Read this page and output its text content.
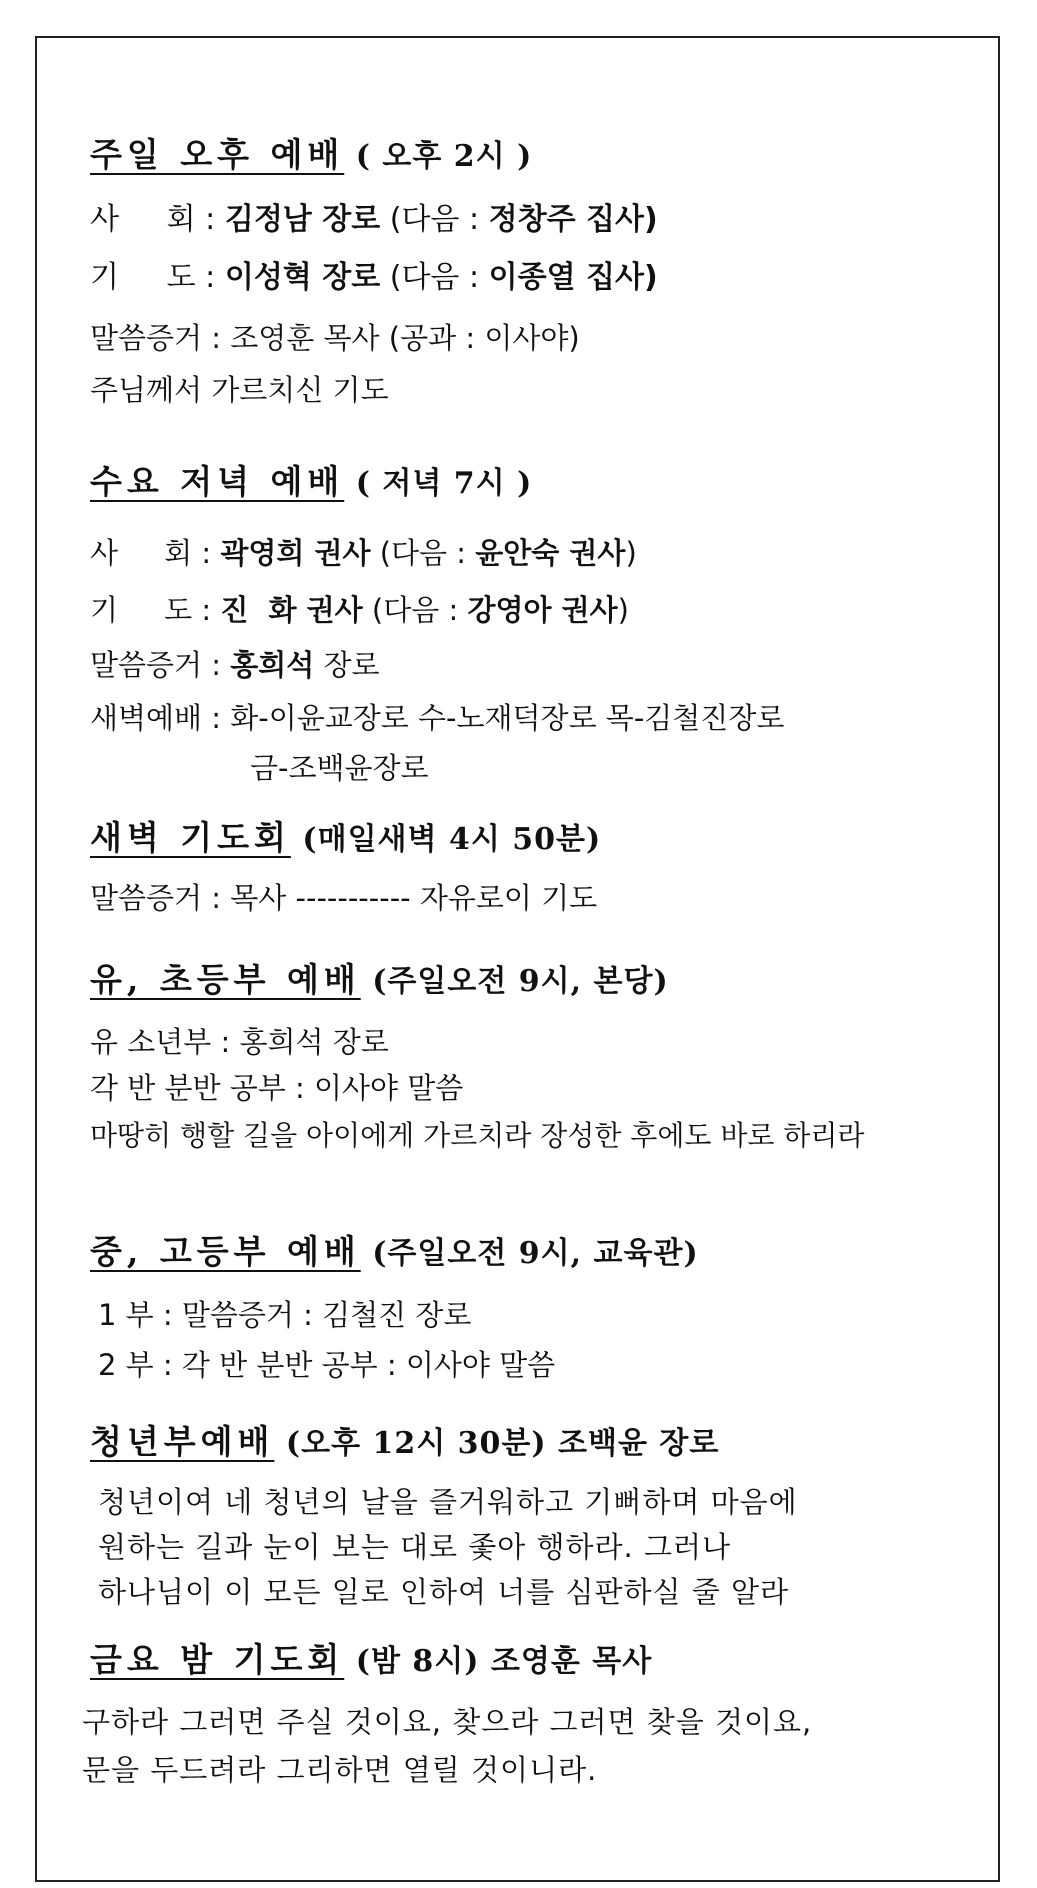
주일 오후 예배 ( 오후 2시 )
사     회 : 김정남 장로 (다음 : 정창주 집사)
기     도 : 이성혁 장로 (다음 : 이종열 집사)
말씀증거 : 조영훈 목사 (공과 : 이사야)
주님께서 가르치신 기도
수요 저녁 예배 ( 저녁 7시 )
사     회 : 곽영희 권사 (다음 : 윤안숙 권사)
기     도 : 진  화 권사 (다음 : 강영아 권사)
말씀증거 : 홍희석 장로
새벽예배 : 화-이윤교장로 수-노재덕장로 목-김철진장로
금-조백윤장로
새벽 기도회 (매일새벽 4시 50분)
말씀증거 : 목사 ----------- 자유로이 기도
유, 초등부 예배 (주일오전 9시, 본당)
유 소년부 : 홍희석 장로
각 반 분반 공부 : 이사야 말씀
마땅히 행할 길을 아이에게 가르치라 장성한 후에도 바로 하리라
중, 고등부 예배 (주일오전 9시, 교육관)
1 부 : 말씀증거 : 김철진 장로
2 부 : 각 반 분반 공부 : 이사야 말씀
청년부예배 (오후 12시 30분) 조백윤 장로
청년이여 네 청년의 날을 즐거워하고 기뻐하며 마음에
원하는 길과 눈이 보는 대로 좇아 행하라. 그러나
하나님이 이 모든 일로 인하여 너를 심판하실 줄 알라
금요 밤 기도회 (밤 8시) 조영훈 목사
구하라 그러면 주실 것이요, 찾으라 그러면 찾을 것이요,
문을 두드려라 그리하면 열릴 것이니라.
